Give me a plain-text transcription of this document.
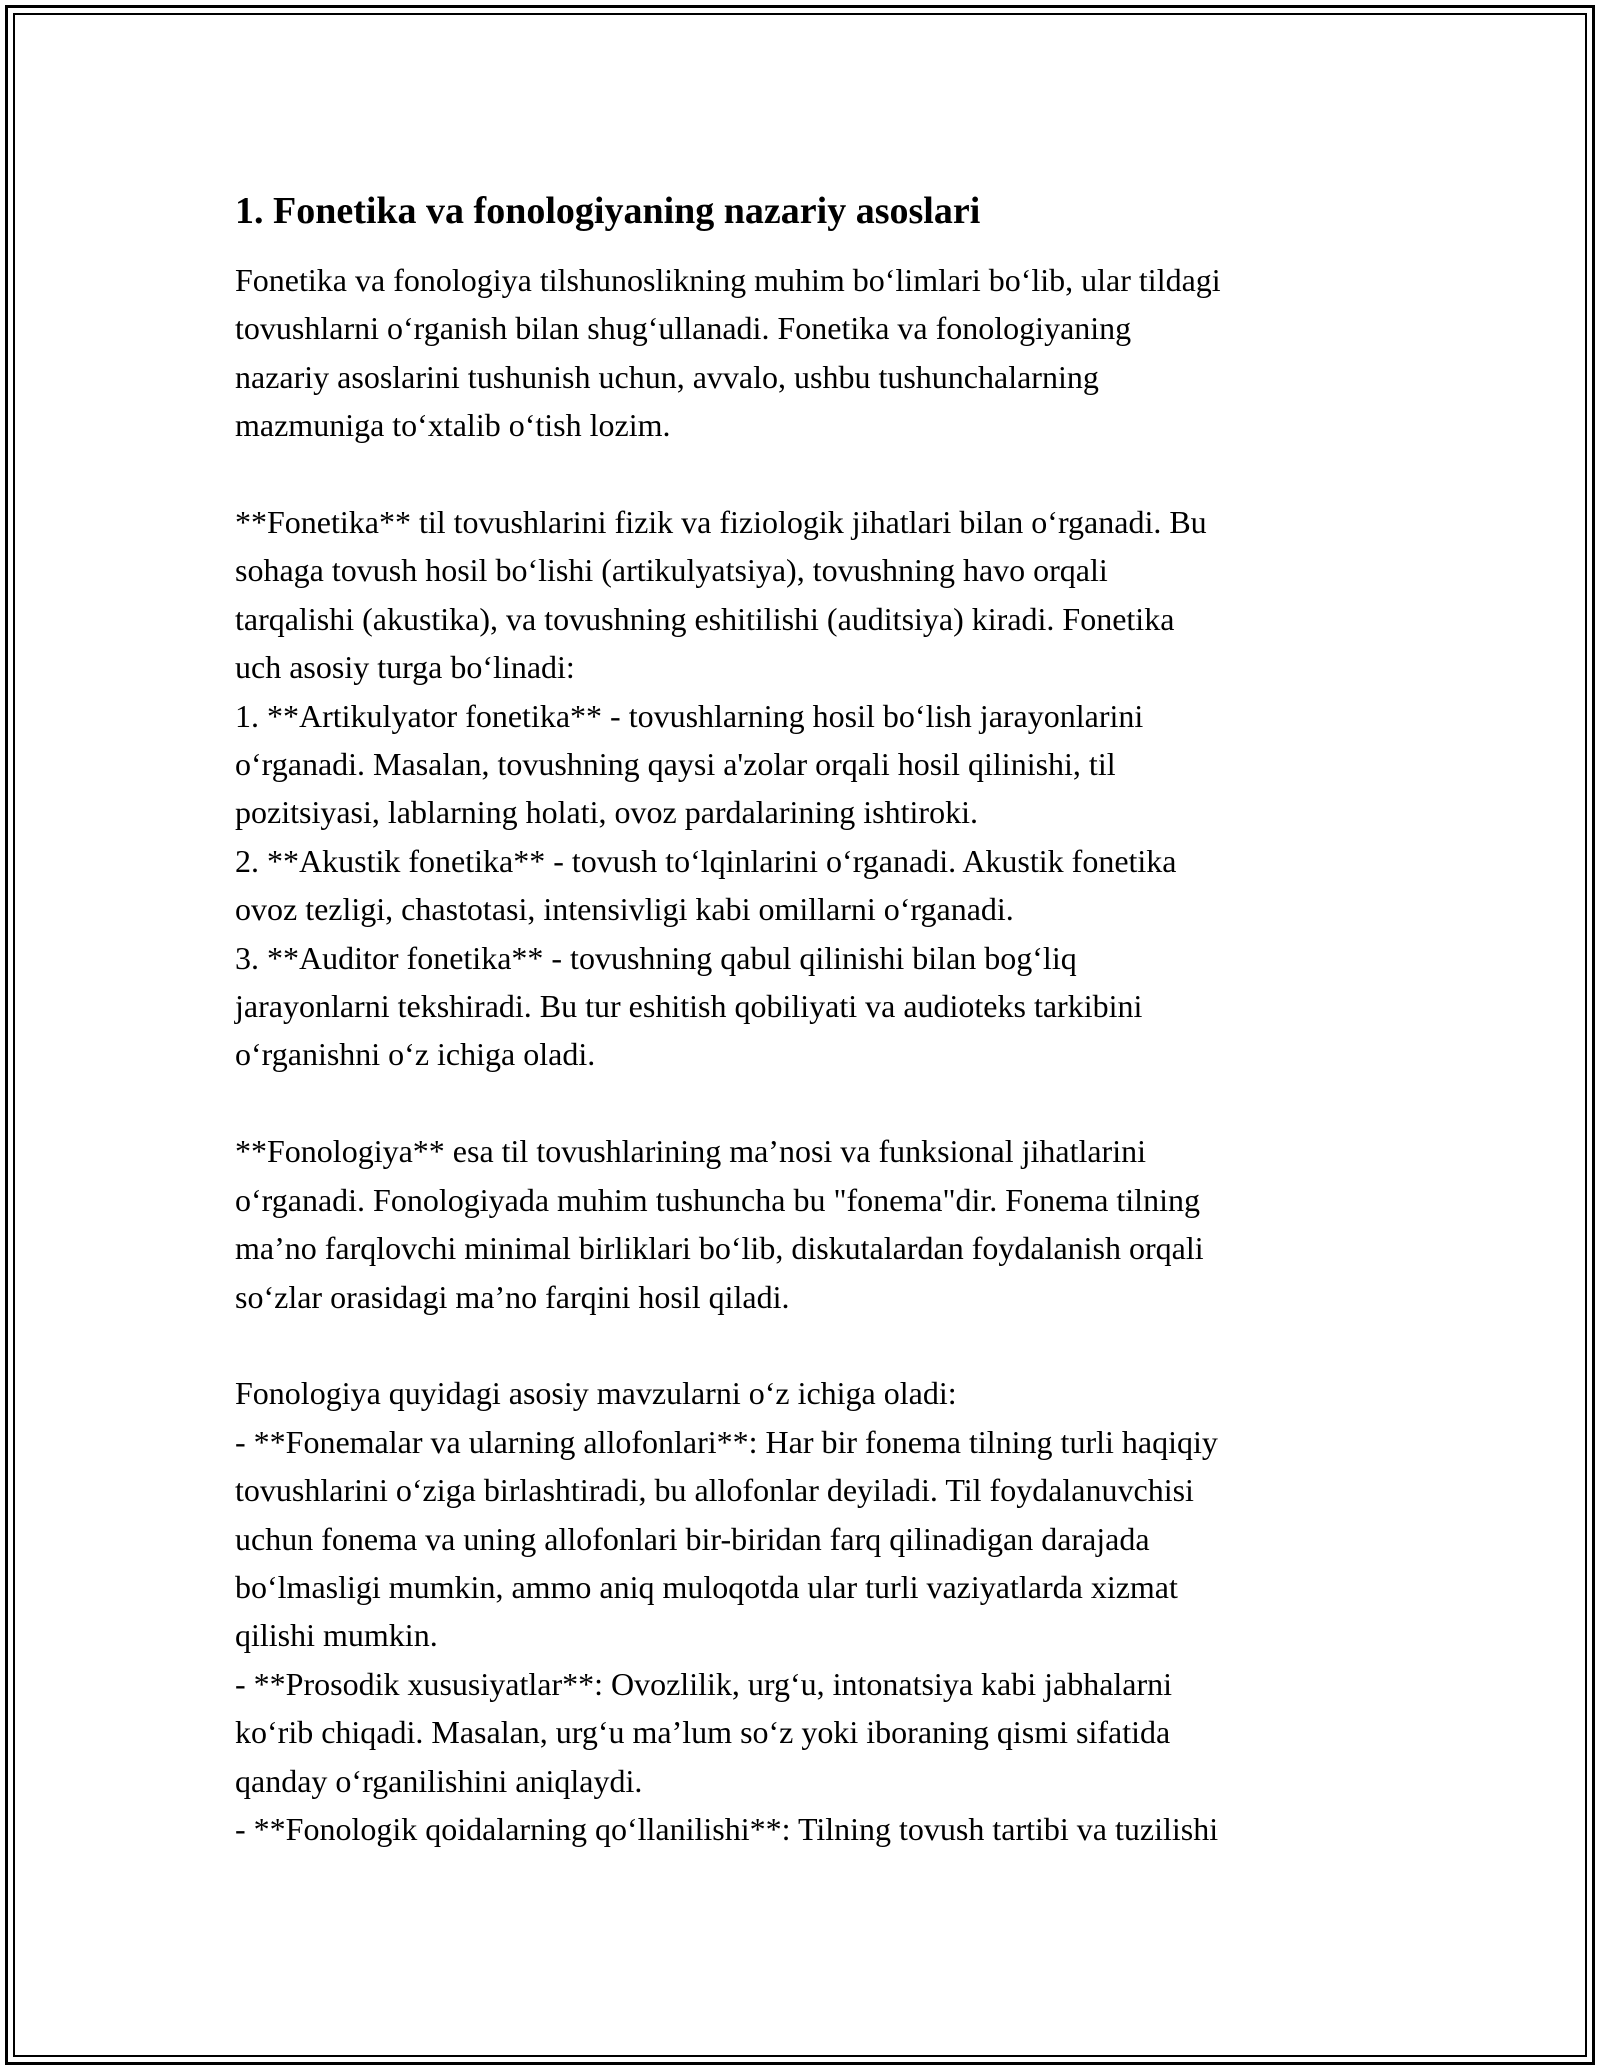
1. Fonetika va fonologiyaning nazariy asoslari
Fonetika va fonologiya tilshunoslikning muhim bo‘limlari bo‘lib, ular tildagi
tovushlarni o‘rganish bilan shug‘ullanadi. Fonetika va fonologiyaning
nazariy asoslarini tushunish uchun, avvalo, ushbu tushunchalarning
mazmuniga to‘xtalib o‘tish lozim.
**Fonetika** til tovushlarini fizik va fiziologik jihatlari bilan o‘rganadi. Bu
sohaga tovush hosil bo‘lishi (artikulyatsiya), tovushning havo orqali
tarqalishi (akustika), va tovushning eshitilishi (auditsiya) kiradi. Fonetika
uch asosiy turga bo‘linadi:
1. **Artikulyator fonetika** - tovushlarning hosil bo‘lish jarayonlarini
o‘rganadi. Masalan, tovushning qaysi a'zolar orqali hosil qilinishi, til
pozitsiyasi, lablarning holati, ovoz pardalarining ishtiroki.
2. **Akustik fonetika** - tovush to‘lqinlarini o‘rganadi. Akustik fonetika
ovoz tezligi, chastotasi, intensivligi kabi omillarni o‘rganadi.
3. **Auditor fonetika** - tovushning qabul qilinishi bilan bog‘liq
jarayonlarni tekshiradi. Bu tur eshitish qobiliyati va audioteks tarkibini
o‘rganishni o‘z ichiga oladi.
**Fonologiya** esa til tovushlarining ma’nosi va funksional jihatlarini
o‘rganadi. Fonologiyada muhim tushuncha bu "fonema"dir. Fonema tilning
ma’no farqlovchi minimal birliklari bo‘lib, diskutalardan foydalanish orqali
so‘zlar orasidagi ma’no farqini hosil qiladi.
Fonologiya quyidagi asosiy mavzularni o‘z ichiga oladi:
- **Fonemalar va ularning allofonlari**: Har bir fonema tilning turli haqiqiy
tovushlarini o‘ziga birlashtiradi, bu allofonlar deyiladi. Til foydalanuvchisi
uchun fonema va uning allofonlari bir-biridan farq qilinadigan darajada
bo‘lmasligi mumkin, ammo aniq muloqotda ular turli vaziyatlarda xizmat
qilishi mumkin.
- **Prosodik xususiyatlar**: Ovozlilik, urg‘u, intonatsiya kabi jabhalarni
ko‘rib chiqadi. Masalan, urg‘u ma’lum so‘z yoki iboraning qismi sifatida
qanday o‘rganilishini aniqlaydi.
- **Fonologik qoidalarning qo‘llanilishi**: Tilning tovush tartibi va tuzilishi
